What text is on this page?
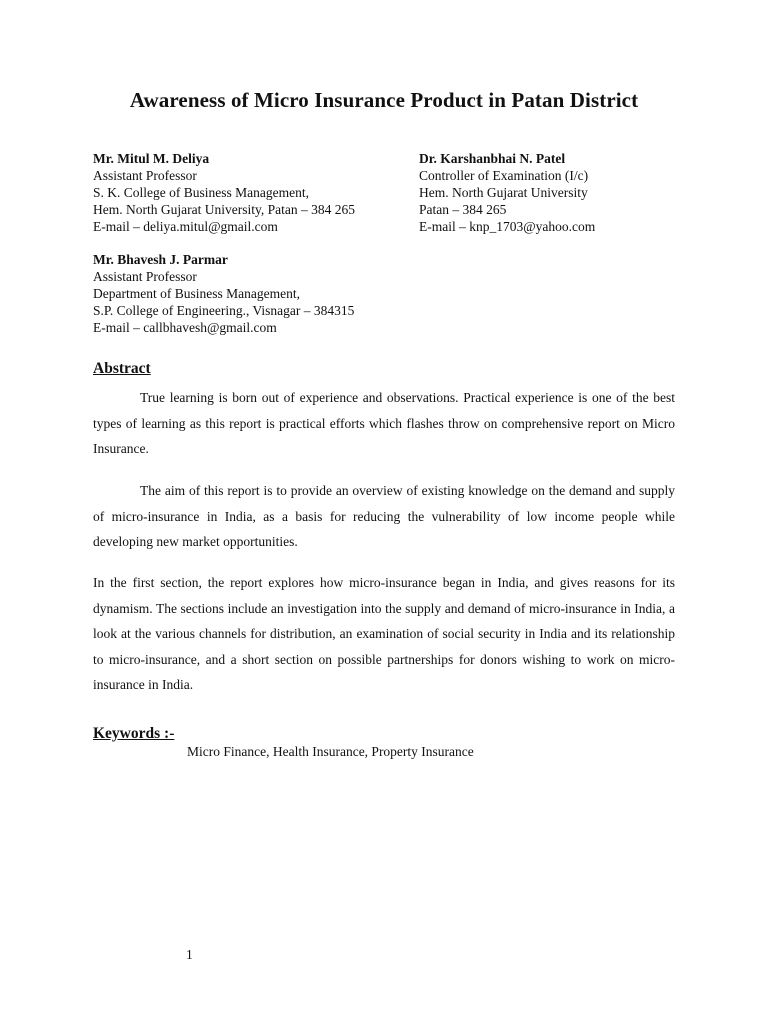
Awareness of Micro Insurance Product in Patan District
Mr. Mitul M. Deliya
Assistant Professor
S. K. College of Business Management,
Hem. North Gujarat University, Patan – 384 265
E-mail – deliya.mitul@gmail.com
Dr. Karshanbhai N. Patel
Controller of Examination (I/c)
Hem. North Gujarat University
Patan – 384 265
E-mail – knp_1703@yahoo.com
Mr. Bhavesh J. Parmar
Assistant Professor
Department of Business Management,
S.P. College of Engineering., Visnagar – 384315
E-mail – callbhavesh@gmail.com
Abstract

True learning is born out of experience and observations. Practical experience is one of the best types of learning as this report is practical efforts which flashes throw on comprehensive report on Micro Insurance.

The aim of this report is to provide an overview of existing knowledge on the demand and supply of micro-insurance in India, as a basis for reducing the vulnerability of low income people while developing new market opportunities.

In the first section, the report explores how micro-insurance began in India, and gives reasons for its dynamism. The sections include an investigation into the supply and demand of micro-insurance in India, a look at the various channels for distribution, an examination of social security in India and its relationship to micro-insurance, and a short section on possible partnerships for donors wishing to work on micro-insurance in India.

Keywords :-
Micro Finance, Health Insurance, Property Insurance
1
